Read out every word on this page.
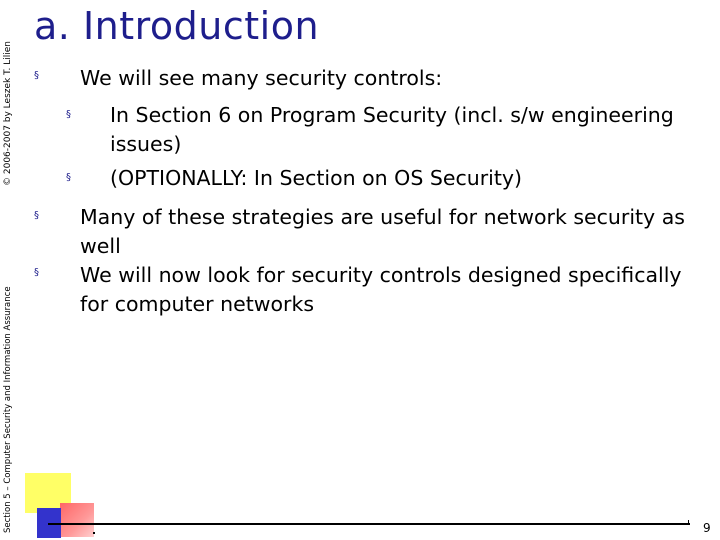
a. Introduction
© 2006-2007 by Leszek T. Lilien
Section 5 – Computer Security and Information Assurance
§ We will see many security controls:
§ In Section 6 on Program Security (incl. s/w engineering issues)
§ (OPTIONALLY: In Section on OS Security)
§ Many of these strategies are useful for network security as well
§ We will now look for security controls designed specifically for computer networks
9
